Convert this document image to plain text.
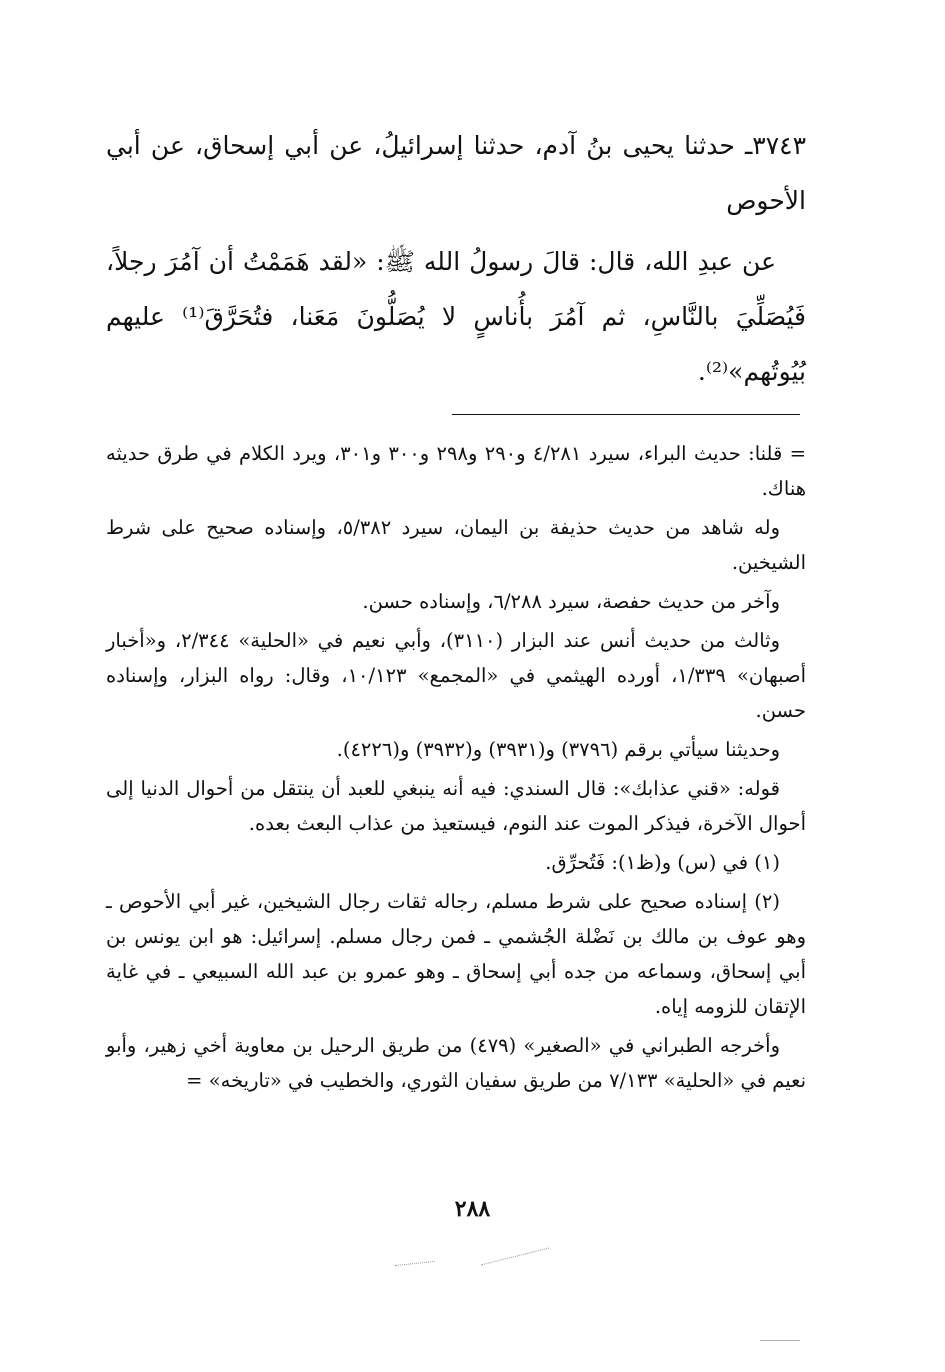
٣٧٤٣ـ حدثنا يحيى بنُ آدم، حدثنا إسرائيلُ، عن أبي إسحاق، عن أبي الأحوص

عن عبدِ الله، قال: قالَ رسولُ الله ﷺ: «لقد هَمَمْتُ أن آمُرَ رجلاً، فَيُصَلِّيَ بالنَّاسِ، ثم آمُرَ بأُناسٍ لا يُصَلُّونَ مَعَنا، فتُحَرَّقَ⁽¹⁾ عليهم بُيُوتُهم»⁽²⁾.

= قلنا: حديث البراء، سيرد ٤/٢٨١ و٢٩٠ و٢٩٨ و٣٠٠ و٣٠١، ويرد الكلام في طرق حديثه هناك.

وله شاهد من حديث حذيفة بن اليمان، سيرد ٥/٣٨٢، وإسناده صحيح على شرط الشيخين.

وآخر من حديث حفصة، سيرد ٦/٢٨٨، وإسناده حسن.

وثالث من حديث أنس عند البزار (٣١١٠)، وأبي نعيم في «الحلية» ٢/٣٤٤، و«أخبار أصبهان» ١/٣٣٩، أورده الهيثمي في «المجمع» ١٠/١٢٣، وقال: رواه البزار، وإسناده حسن.

وحديثنا سيأتي برقم (٣٧٩٦) و(٣٩٣١) و(٣٩٣٢) و(٤٢٢٦).

قوله: «قني عذابك»: قال السندي: فيه أنه ينبغي للعبد أن ينتقل من أحوال الدنيا إلى أحوال الآخرة، فيذكر الموت عند النوم، فيستعيذ من عذاب البعث بعده.

(١) في (س) و(ظ١): فَتُحرِّق.

(٢) إسناده صحيح على شرط مسلم، رجاله ثقات رجال الشيخين، غير أبي الأحوص ـ وهو عوف بن مالك بن نَضْلة الجُشمي ـ فمن رجال مسلم. إسرائيل: هو ابن يونس بن أبي إسحاق، وسماعه من جده أبي إسحاق ـ وهو عمرو بن عبد الله السبيعي ـ في غاية الإتقان للزومه إياه.

وأخرجه الطبراني في «الصغير» (٤٧٩) من طريق الرحيل بن معاوية أخي زهير، وأبو نعيم في «الحلية» ٧/١٣٣ من طريق سفيان الثوري، والخطيب في «تاريخه» =

٢٨٨
